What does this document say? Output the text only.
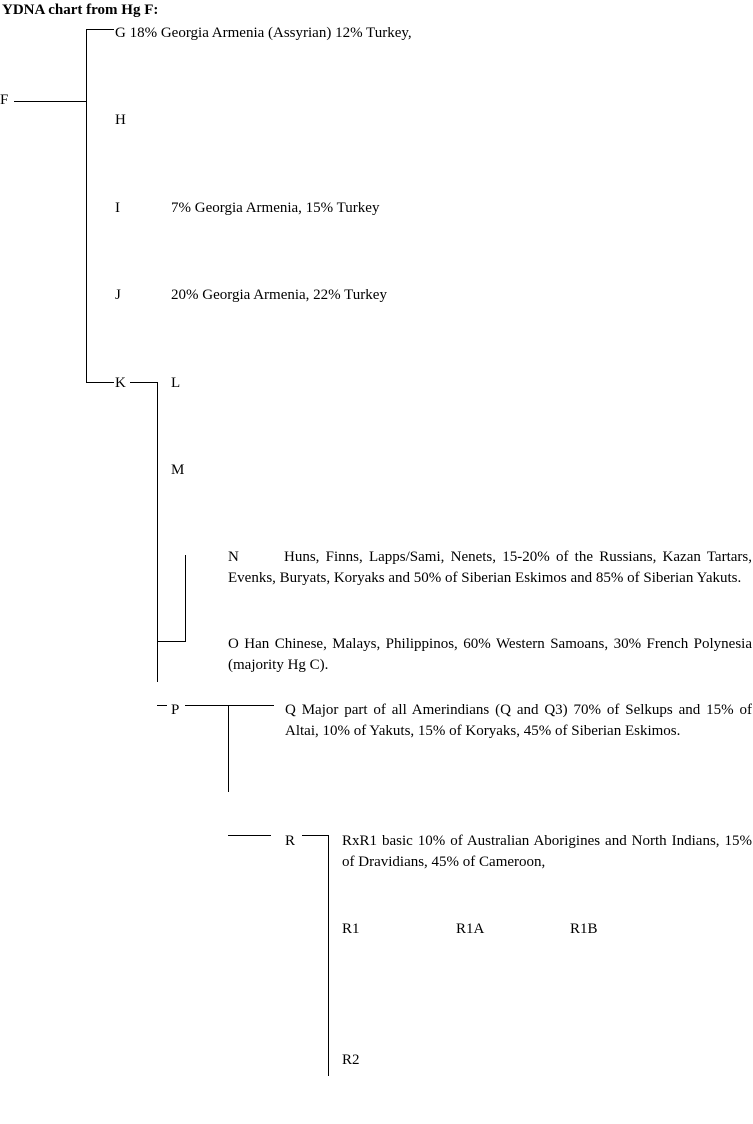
YDNA chart from Hg F:
F
G 18% Georgia Armenia (Assyrian) 12% Turkey,
H
I	7% Georgia Armenia, 15% Turkey
J	20% Georgia Armenia, 22% Turkey
K	L
M
N	Huns, Finns, Lapps/Sami, Nenets, 15-20% of the Russians, Kazan Tartars, Evenks, Buryats, Koryaks and 50% of Siberian Eskimos and 85% of Siberian Yakuts.
O Han Chinese, Malays, Philippinos, 60% Western Samoans, 30% French Polynesia (majority Hg C).
P	Q Major part of all Amerindians (Q and Q3) 70% of Selkups and 15% of Altai, 10% of Yakuts, 15% of Koryaks, 45% of Siberian Eskimos.
R	RxR1 basic 10% of Australian Aborigines and North Indians, 15% of Dravidians, 45% of Cameroon,
R1	R1A	R1B
R2
